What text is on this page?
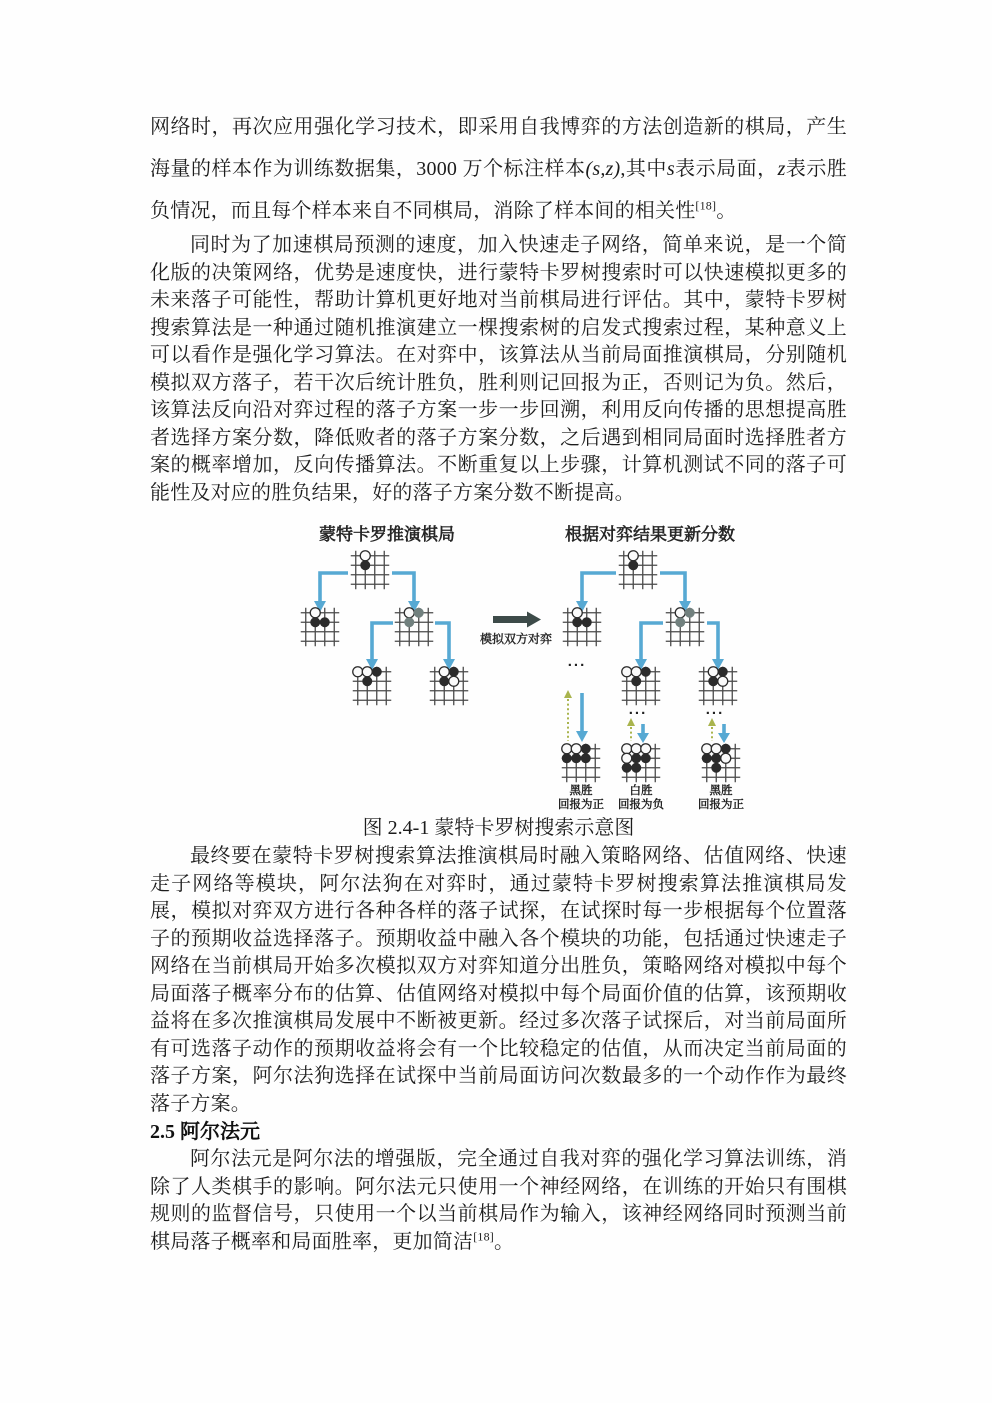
网络时，再次应用强化学习技术，即采用自我博弈的方法创造新的棋局，产生海量的样本作为训练数据集，3000 万个标注样本(s,z),其中s表示局面，z表示胜负情况，而且每个样本来自不同棋局，消除了样本间的相关性[18]。

同时为了加速棋局预测的速度，加入快速走子网络，简单来说，是一个简化版的决策网络，优势是速度快，进行蒙特卡罗树搜索时可以快速模拟更多的未来落子可能性，帮助计算机更好地对当前棋局进行评估。其中，蒙特卡罗树搜索算法是一种通过随机推演建立一棵搜索树的启发式搜索过程，某种意义上可以看作是强化学习算法。在对弈中，该算法从当前局面推演棋局，分别随机模拟双方落子，若干次后统计胜负，胜利则记回报为正，否则记为负。然后，该算法反向沿对弈过程的落子方案一步一步回溯，利用反向传播的思想提高胜者选择方案分数，降低败者的落子方案分数，之后遇到相同局面时选择胜者方案的概率增加，反向传播算法。不断重复以上步骤，计算机测试不同的落子可能性及对应的胜负结果，好的落子方案分数不断提高。

蒙特卡罗推演棋局	根据对弈结果更新分数
模拟双方对弈
...
...	...
黑胜
回报为正
白胜
回报为负
黑胜
回报为正
图 2.4-1 蒙特卡罗树搜索示意图

最终要在蒙特卡罗树搜索算法推演棋局时融入策略网络、估值网络、快速走子网络等模块，阿尔法狗在对弈时，通过蒙特卡罗树搜索算法推演棋局发展，模拟对弈双方进行各种各样的落子试探，在试探时每一步根据每个位置落子的预期收益选择落子。预期收益中融入各个模块的功能，包括通过快速走子网络在当前棋局开始多次模拟双方对弈知道分出胜负，策略网络对模拟中每个局面落子概率分布的估算、估值网络对模拟中每个局面价值的估算，该预期收益将在多次推演棋局发展中不断被更新。经过多次落子试探后，对当前局面所有可选落子动作的预期收益将会有一个比较稳定的估值，从而决定当前局面的落子方案，阿尔法狗选择在试探中当前局面访问次数最多的一个动作作为最终落子方案。

2.5 阿尔法元

阿尔法元是阿尔法的增强版，完全通过自我对弈的强化学习算法训练，消除了人类棋手的影响。阿尔法元只使用一个神经网络，在训练的开始只有围棋规则的监督信号，只使用一个以当前棋局作为输入，该神经网络同时预测当前棋局落子概率和局面胜率，更加简洁[18]。
